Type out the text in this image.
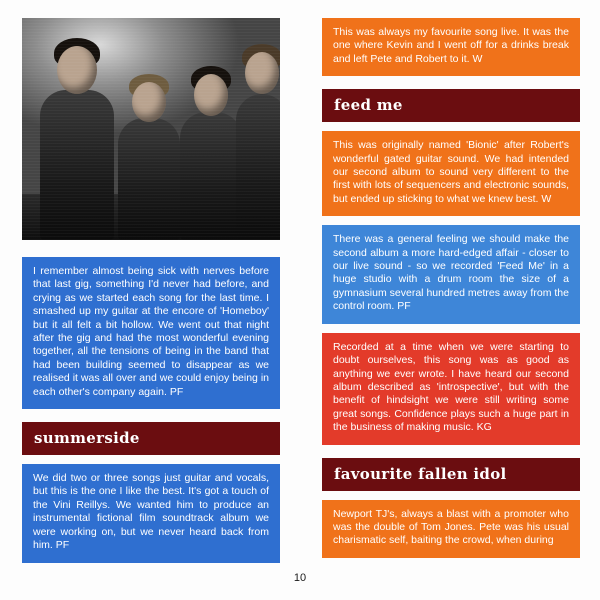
I remember almost being sick with nerves before that last gig, something I'd never had before, and crying as we started each song for the last time. I smashed up my guitar at the encore of 'Homeboy' but it all felt a bit hollow. We went out that night after the gig and had the most wonderful evening together, all the tensions of being in the band that had been building seemed to disappear as we realised it was all over and we could enjoy being in each other's company again. PF

summerside

We did two or three songs just guitar and vocals, but this is the one I like the best. It's got a touch of the Vini Reillys. We wanted him to produce an instrumental fictional film soundtrack album we were working on, but we never heard back from him. PF

This was always my favourite song live. It was the one where Kevin and I went off for a drinks break and left Pete and Robert to it. W

feed me

This was originally named 'Bionic' after Robert's wonderful gated guitar sound. We had intended our second album to sound very different to the first with lots of sequencers and electronic sounds, but ended up sticking to what we knew best. W

There was a general feeling we should make the second album a more hard-edged affair - closer to our live sound - so we recorded 'Feed Me' in a huge studio with a drum room the size of a gymnasium several hundred metres away from the control room. PF

Recorded at a time when we were starting to doubt ourselves, this song was as good as anything we ever wrote. I have heard our second album described as 'introspective', but with the benefit of hindsight we were still writing some great songs. Confidence plays such a huge part in the business of making music. KG

favourite fallen idol

Newport TJ's, always a blast with a promoter who was the double of Tom Jones. Pete was his usual charismatic self, baiting the crowd, when during

10
